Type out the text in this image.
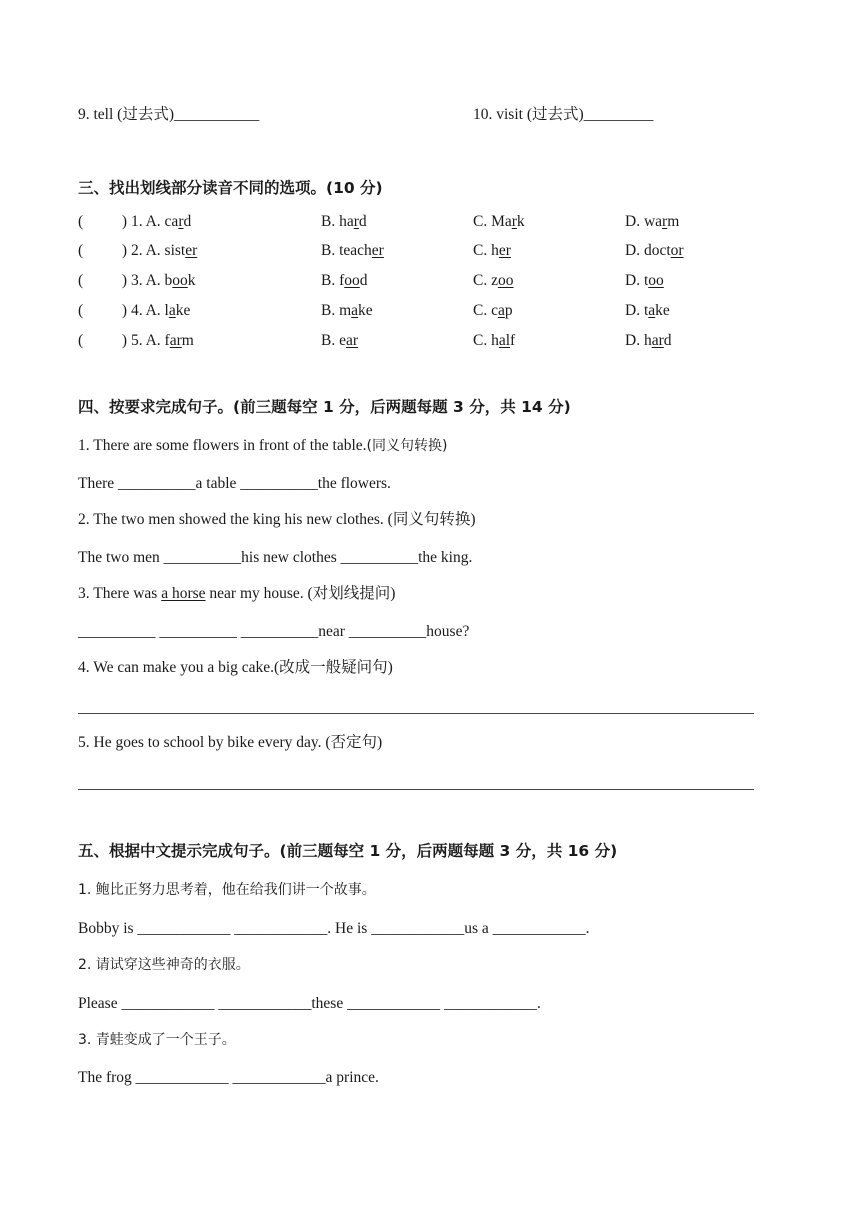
9. tell (过去式)___________	10. visit (过去式)_________
三、找出划线部分读音不同的选项。(10 分)
(          ) 1. A. card	B. hard	C. Mark	D. warm
(          ) 2. A. sister	B. teacher	C. her	D. doctor
(          ) 3. A. book	B. food	C. zoo	D. too
(          ) 4. A. lake	B. make	C. cap	D. take
(          ) 5. A. farm	B. ear	C. half	D. hard
四、按要求完成句子。(前三题每空 1 分，后两题每题 3 分，共 14 分)
1. There are some flowers in front of the table.(同义句转换)
There __________a table __________the flowers.
2. The two men showed the king his new clothes. (同义句转换)
The two men __________his new clothes __________the king.
3. There was a horse near my house. (对划线提问)
__________ __________ __________near __________house?
4. We can make you a big cake.(改成一般疑问句)
5. He goes to school by bike every day. (否定句)
五、根据中文提示完成句子。(前三题每空 1 分，后两题每题 3 分，共 16 分)
1. 鲍比正努力思考着，他在给我们讲一个故事。
Bobby is ____________ ____________. He is ____________us a ____________.
2. 请试穿这些神奇的衣服。
Please ____________ ____________these ____________ ____________.
3. 青蛙变成了一个王子。
The frog ____________ ____________a prince.
